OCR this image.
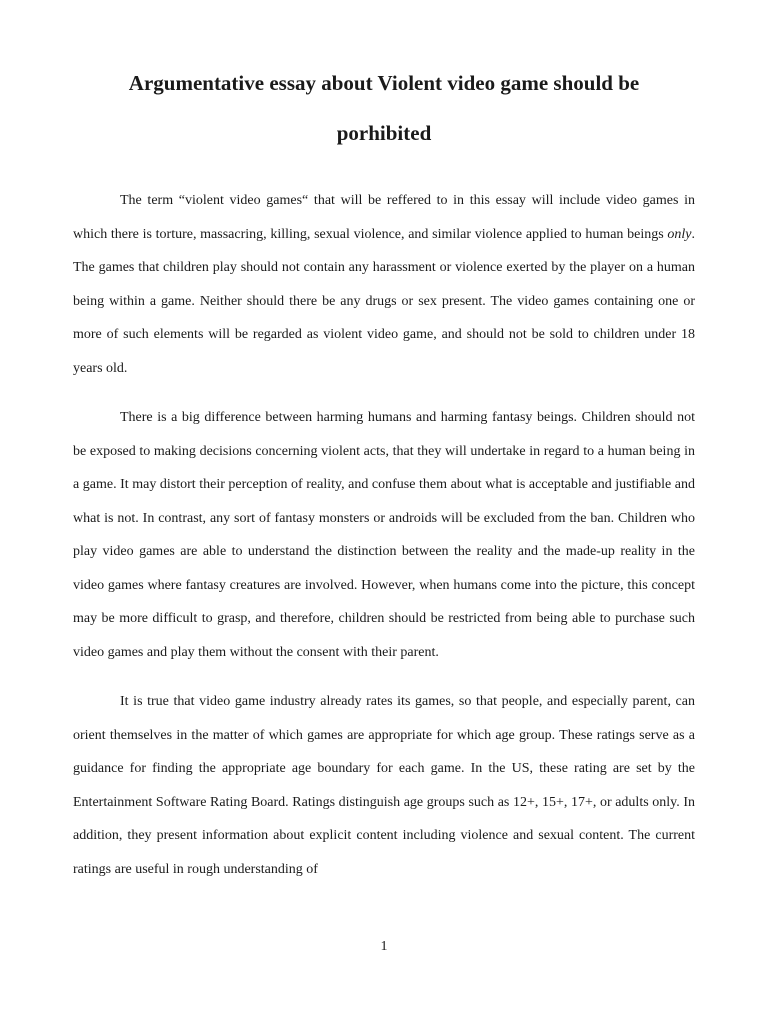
Argumentative essay about Violent video game should be
porhibited

The term “violent video games“ that will be reffered to in this essay will include video games in which there is torture, massacring, killing, sexual violence, and similar violence applied to human beings only. The games that children play should not contain any harassment or violence exerted by the player on a human being within a game. Neither should there be any drugs or sex present. The video games containing one or more of such elements will be regarded as violent video game, and should not be sold to children under 18 years old.

There is a big difference between harming humans and harming fantasy beings. Children should not be exposed to making decisions concerning violent acts, that they will undertake in regard to a human being in a game. It may distort their perception of reality, and confuse them about what is acceptable and justifiable and what is not. In contrast, any sort of fantasy monsters or androids will be excluded from the ban. Children who play video games are able to understand the distinction between the reality and the made-up reality in the video games where fantasy creatures are involved. However, when humans come into the picture, this concept may be more difficult to grasp, and therefore, children should be restricted from being able to purchase such video games and play them without the consent with their parent.

It is true that video game industry already rates its games, so that people, and especially parent, can orient themselves in the matter of which games are appropriate for which age group. These ratings serve as a guidance for finding the appropriate age boundary for each game. In the US, these rating are set by the Entertainment Software Rating Board. Ratings distinguish age groups such as 12+, 15+, 17+, or adults only. In addition, they present information about explicit content including violence and sexual content. The current ratings are useful in rough understanding of

1
